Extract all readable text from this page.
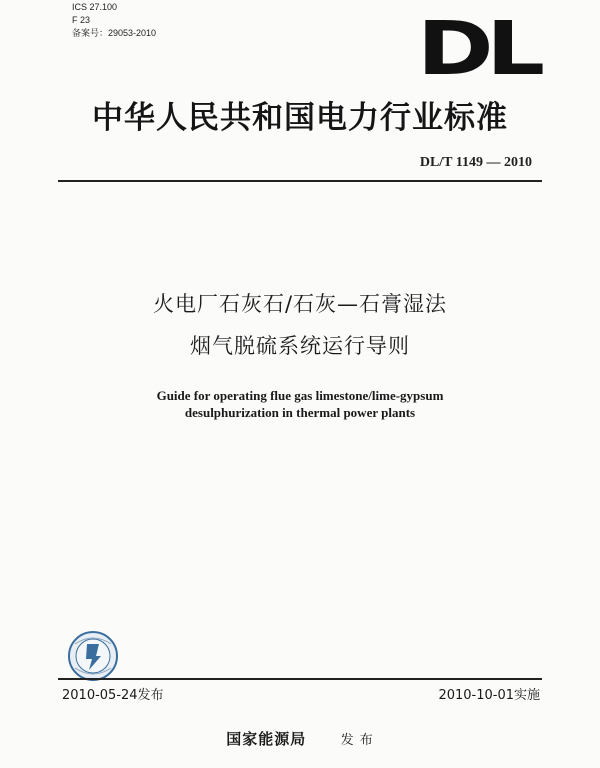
ICS 27.100
F 23
备案号：29053-2010	DL
中华人民共和国电力行业标准
DL/T 1149 — 2010
火电厂石灰石/石灰—石膏湿法
烟气脱硫系统运行导则
Guide for operating flue gas limestone/lime-gypsum
desulphurization in thermal power plants
2010-05-24发布	2010-10-01实施
国家能源局	发 布
